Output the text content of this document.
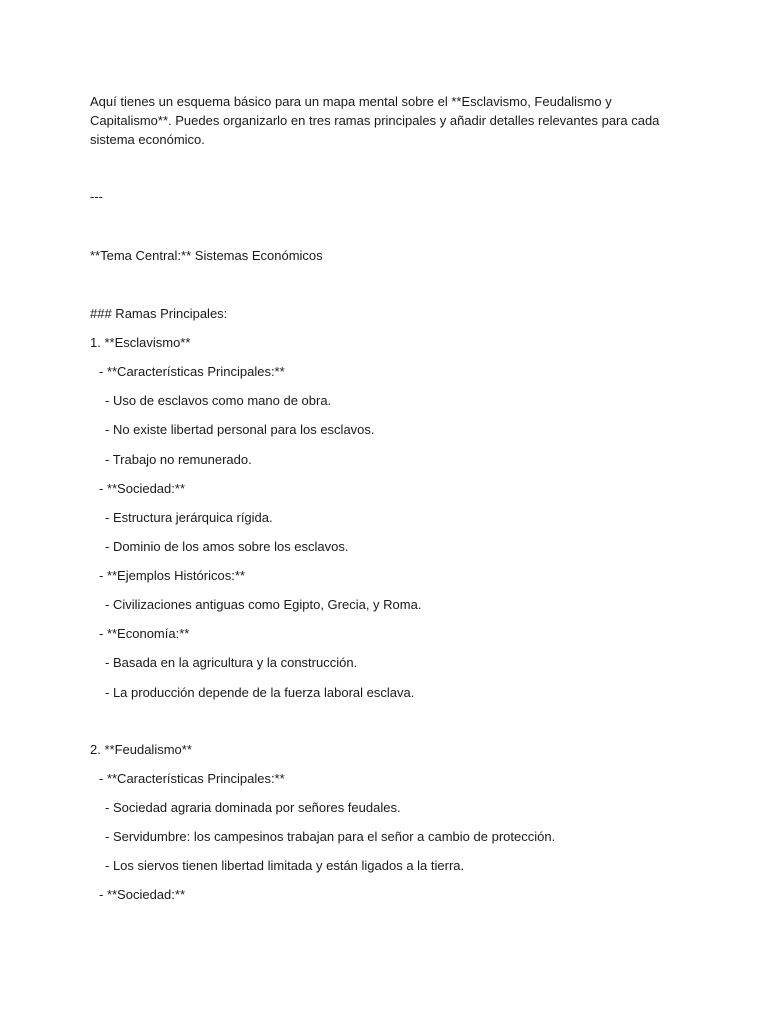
Aquí tienes un esquema básico para un mapa mental sobre el **Esclavismo, Feudalismo y
Capitalismo**. Puedes organizarlo en tres ramas principales y añadir detalles relevantes para cada
sistema económico.
---
**Tema Central:** Sistemas Económicos
### Ramas Principales:
1. **Esclavismo**
- **Características Principales:**
- Uso de esclavos como mano de obra.
- No existe libertad personal para los esclavos.
- Trabajo no remunerado.
- **Sociedad:**
- Estructura jerárquica rígida.
- Dominio de los amos sobre los esclavos.
- **Ejemplos Históricos:**
- Civilizaciones antiguas como Egipto, Grecia, y Roma.
- **Economía:**
- Basada en la agricultura y la construcción.
- La producción depende de la fuerza laboral esclava.
2. **Feudalismo**
- **Características Principales:**
- Sociedad agraria dominada por señores feudales.
- Servidumbre: los campesinos trabajan para el señor a cambio de protección.
- Los siervos tienen libertad limitada y están ligados a la tierra.
- **Sociedad:**
